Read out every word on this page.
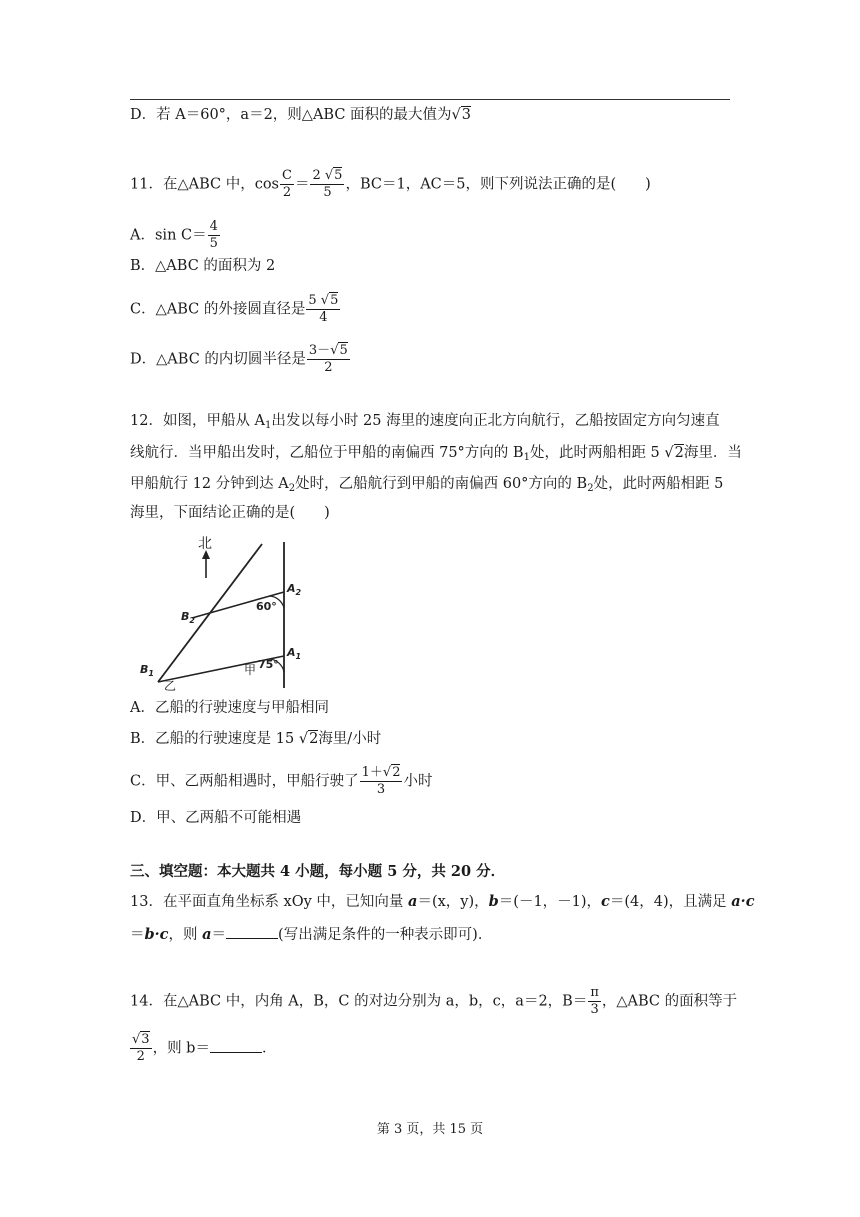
D．若 A＝60°，a＝2，则△ABC 面积的最大值为√3
11．在△ABC 中，$\cos \frac{C}{2} = \frac{2 √5}{5}$ ，BC＝1，AC＝5，则下列说法正确的是(　　)
A．$\sin C= \frac{4}{5}$
B．△ABC 的面积为 2
C．△ABC 的外接圆直径是 $\frac{5 √5}{4}$
D．△ABC 的内切圆半径是 $\frac{3-√5}{2}$
12．如图，甲船从 $A_1$出发以每小时 25 海里的速度向正北方向航行，乙船按固定方向匀速直
线航行．当甲船出发时，乙船位于甲船的南偏西 75°方向的 $B_1$处，此时两船相距 5 √2海里．当
甲船航行 12 分钟到达 $A_2$处时，乙船航行到甲船的南偏西 60°方向的 $B_2$处，此时两船相距 5
海里，下面结论正确的是(　　)
北
$A_2$
$A_1$
$B_2$
$B_1$
60°
75°
甲
乙
A．乙船的行驶速度与甲船相同
B．乙船的行驶速度是 15 √2海里/小时
C．甲、乙两船相遇时，甲船行驶了 $\frac{1+√2}{3}$ 小时
D．甲、乙两船不可能相遇
三、填空题：本大题共 4 小题，每小题 5 分，共 20 分．
13．在平面直角坐标系 xOy 中，已知向量 a＝(x，y)，b＝(－1，－1)，c＝(4，4)，且满足 a·c
＝b·c，则 a＝	(写出满足条件的一种表示即可)．
14．在△ABC 中，内角 A，B，C 的对边分别为 a，b，c，a＝2，$B= \frac{\pi}{3}$ ，△ABC 的面积等于
$\frac{√3}{2}$ ，则 b＝	．
第 3 页，共 15 页
